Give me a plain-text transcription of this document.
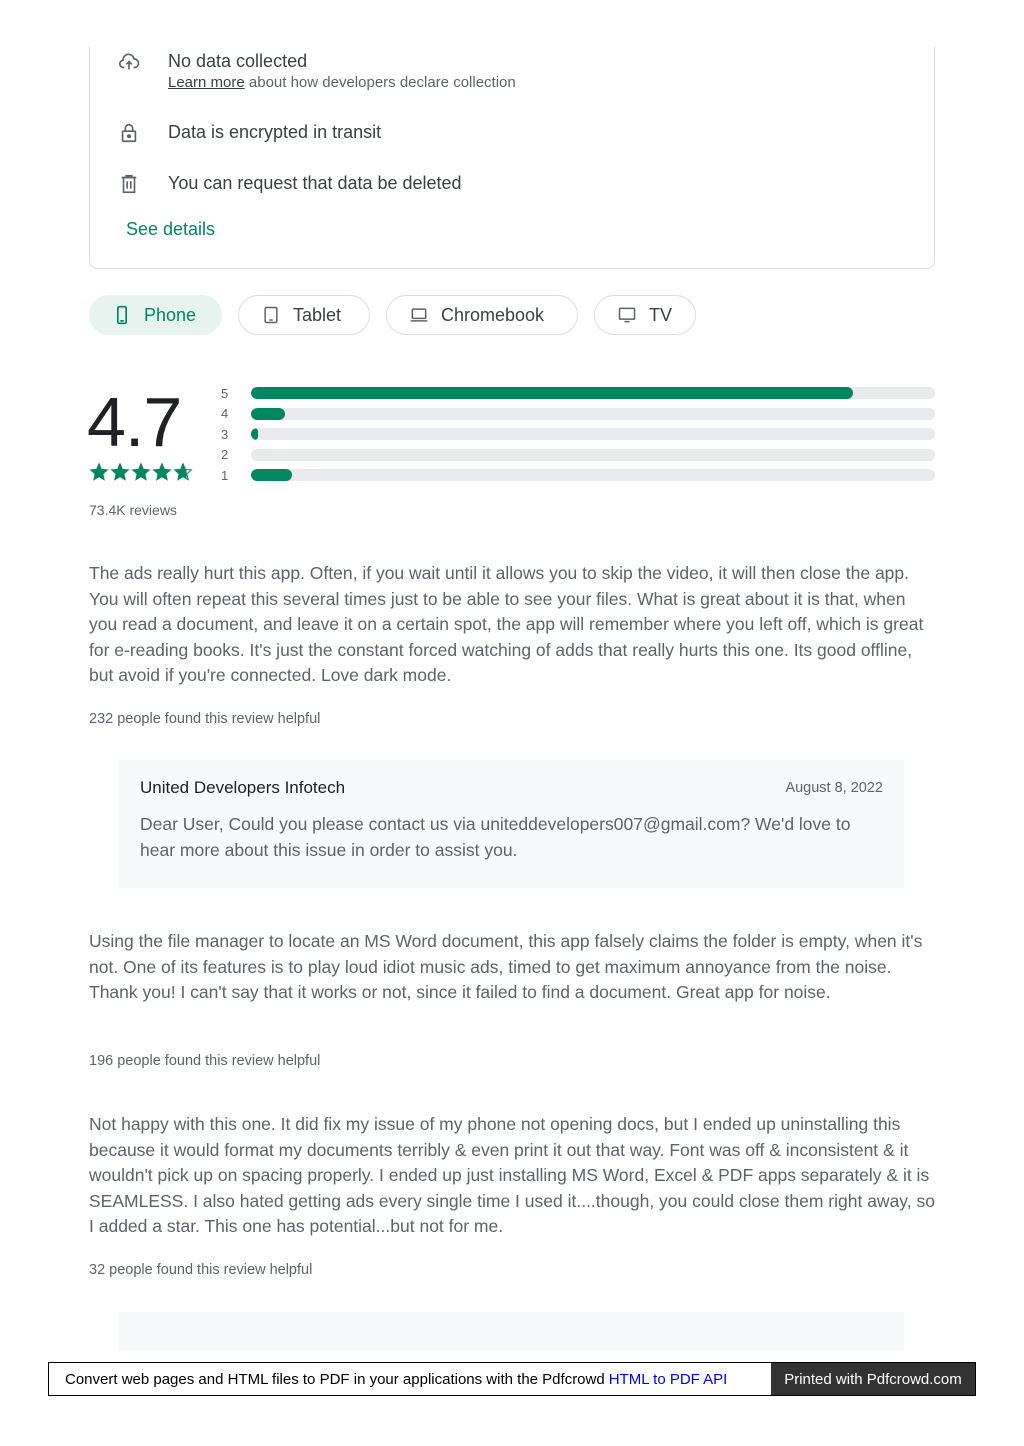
No data collected
Learn more about how developers declare collection
Data is encrypted in transit
You can request that data be deleted
See details
Phone	Tablet	Chromebook	TV
4.7
73.4K reviews
5
4
3
2
1
The ads really hurt this app. Often, if you wait until it allows you to skip the video, it will then close the app. You will often repeat this several times just to be able to see your files. What is great about it is that, when you read a document, and leave it on a certain spot, the app will remember where you left off, which is great for e-reading books. It's just the constant forced watching of adds that really hurts this one. Its good offline, but avoid if you're connected. Love dark mode.
232 people found this review helpful
United Developers Infotech	August 8, 2022
Dear User, Could you please contact us via uniteddevelopers007@gmail.com? We'd love to hear more about this issue in order to assist you.
Using the file manager to locate an MS Word document, this app falsely claims the folder is empty, when it's not. One of its features is to play loud idiot music ads, timed to get maximum annoyance from the noise. Thank you! I can't say that it works or not, since it failed to find a document. Great app for noise.
196 people found this review helpful
Not happy with this one. It did fix my issue of my phone not opening docs, but I ended up uninstalling this because it would format my documents terribly & even print it out that way. Font was off & inconsistent & it wouldn't pick up on spacing properly. I ended up just installing MS Word, Excel & PDF apps separately & it is SEAMLESS. I also hated getting ads every single time I used it....though, you could close them right away, so I added a star. This one has potential...but not for me.
32 people found this review helpful
Convert web pages and HTML files to PDF in your applications with the Pdfcrowd HTML to PDF API	Printed with Pdfcrowd.com
